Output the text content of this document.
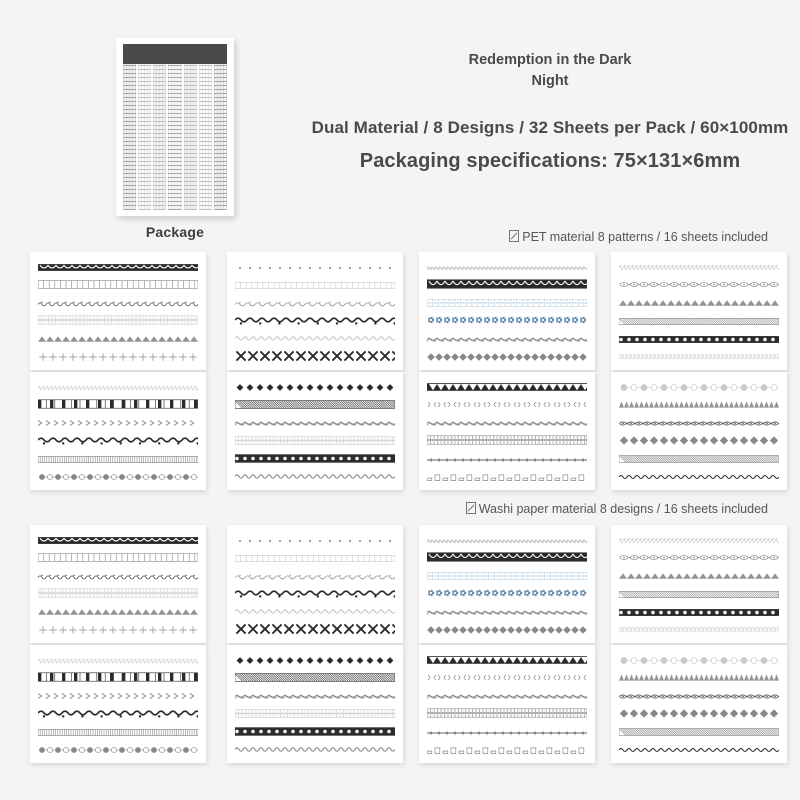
Package
Redemption in the Dark
Night
Dual Material / 8 Designs / 32 Sheets per Pack / 60×100mm
Packaging specifications: 75×131×6mm
PET material 8 patterns / 16 sheets included
Washi paper material 8 designs / 16 sheets included
